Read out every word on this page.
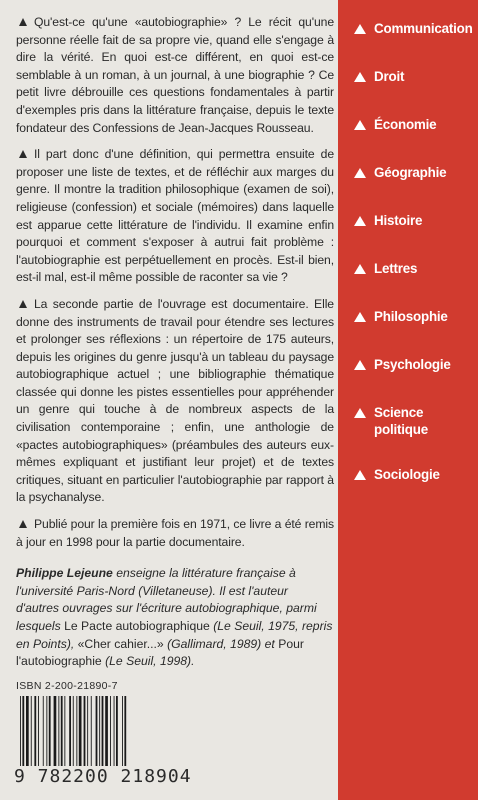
Qu'est-ce qu'une «autobiographie» ? Le récit qu'une personne réelle fait de sa propre vie, quand elle s'engage à dire la vérité. En quoi est-ce différent, en quoi est-ce semblable à un roman, à un journal, à une biographie ? Ce petit livre débrouille ces questions fondamentales à partir d'exemples pris dans la littérature française, depuis le texte fondateur des Confessions de Jean-Jacques Rousseau.

Il part donc d'une définition, qui permettra ensuite de proposer une liste de textes, et de réfléchir aux marges du genre. Il montre la tradition philosophique (examen de soi), religieuse (confession) et sociale (mémoires) dans laquelle est apparue cette littérature de l'individu. Il examine enfin pourquoi et comment s'exposer à autrui fait problème : l'autobiographie est perpétuellement en procès. Est-il bien, est-il mal, est-il même possible de raconter sa vie ?

La seconde partie de l'ouvrage est documentaire. Elle donne des instruments de travail pour étendre ses lectures et prolonger ses réflexions : un répertoire de 175 auteurs, depuis les origines du genre jusqu'à un tableau du paysage autobiographique actuel ; une bibliographie thématique classée qui donne les pistes essentielles pour appréhender un genre qui touche à de nombreux aspects de la civilisation contemporaine ; enfin, une anthologie de «pactes autobiographiques» (préambules des auteurs eux-mêmes expliquant et justifiant leur projet) et de textes critiques, situant en particulier l'autobiographie par rapport à la psychanalyse.

Publié pour la première fois en 1971, ce livre a été remis à jour en 1998 pour la partie documentaire.

Philippe Lejeune enseigne la littérature française à l'université Paris-Nord (Villetaneuse). Il est l'auteur d'autres ouvrages sur l'écriture autobiographique, parmi lesquels Le Pacte autobiographique (Le Seuil, 1975, repris en Points), «Cher cahier...» (Gallimard, 1989) et Pour l'autobiographie (Le Seuil, 1998).

ISBN 2-200-21890-7
9 782200 218904
Communication
Droit
Économie
Géographie
Histoire
Lettres
Philosophie
Psychologie
Science politique
Sociologie
